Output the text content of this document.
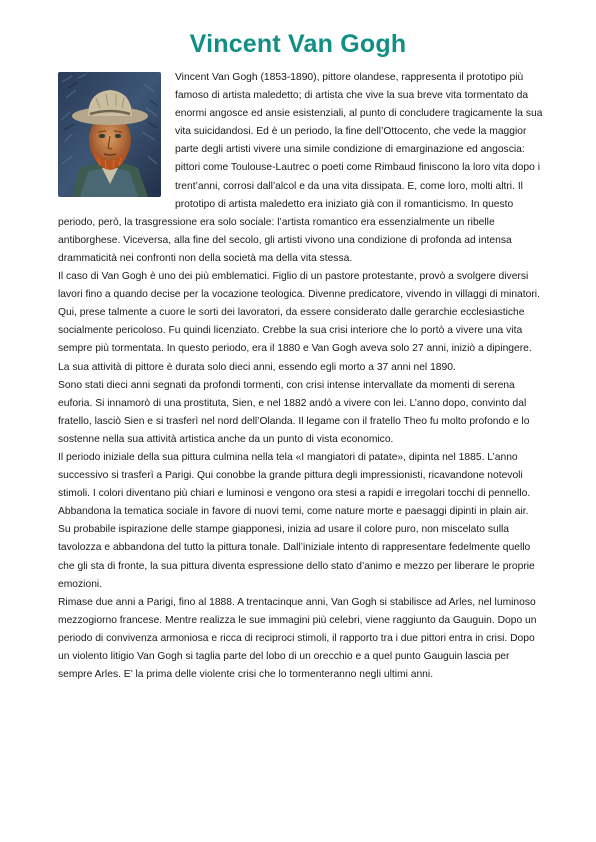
Vincent Van Gogh

Vincent Van Gogh (1853-1890), pittore olandese, rappresenta il prototipo più famoso di artista maledetto; di artista che vive la sua breve vita tormentato da enormi angosce ed ansie esistenziali, al punto di concludere tragicamente la sua vita suicidandosi. Ed è un periodo, la fine dell’Ottocento, che vede la maggior parte degli artisti vivere una simile condizione di emarginazione ed angoscia: pittori come Toulouse-Lautrec o poeti come Rimbaud finiscono la loro vita dopo i trent’anni, corrosi dall’alcol e da una vita dissipata. E, come loro, molti altri. Il prototipo di artista maledetto era iniziato già con il romanticismo. In questo periodo, però, la trasgressione era solo sociale: l’artista romantico era essenzialmente un ribelle antiborghese. Viceversa, alla fine del secolo, gli artisti vivono una condizione di profonda ad intensa drammaticità nei confronti non della società ma della vita stessa.

Il caso di Van Gogh è uno dei più emblematici. Figlio di un pastore protestante, provò a svolgere diversi lavori fino a quando decise per la vocazione teologica. Divenne predicatore, vivendo in villaggi di minatori. Qui, prese talmente a cuore le sorti dei lavoratori, da essere considerato dalle gerarchie ecclesiastiche socialmente pericoloso. Fu quindi licenziato. Crebbe la sua crisi interiore che lo portò a vivere una vita sempre più tormentata. In questo periodo, era il 1880 e Van Gogh aveva solo 27 anni, iniziò a dipingere. La sua attività di pittore è durata solo dieci anni, essendo egli morto a 37 anni nel 1890.

Sono stati dieci anni segnati da profondi tormenti, con crisi intense intervallate da momenti di serena euforia. Si innamorò di una prostituta, Sien, e nel 1882 andò a vivere con lei. L’anno dopo, convinto dal fratello, lasciò Sien e si trasferì nel nord dell’Olanda. Il legame con il fratello Theo fu molto profondo e lo sostenne nella sua attività artistica anche da un punto di vista economico.

Il periodo iniziale della sua pittura culmina nella tela «I mangiatori di patate», dipinta nel 1885. L’anno successivo si trasferì a Parigi. Qui conobbe la grande pittura degli impressionisti, ricavandone notevoli stimoli. I colori diventano più chiari e luminosi e vengono ora stesi a rapidi e irregolari tocchi di pennello. Abbandona la tematica sociale in favore di nuovi temi, come nature morte e paesaggi dipinti in plain air.

Su probabile ispirazione delle stampe giapponesi, inizia ad usare il colore puro, non miscelato sulla tavolozza e abbandona del tutto la pittura tonale. Dall’iniziale intento di rappresentare fedelmente quello che gli sta di fronte, la sua pittura diventa espressione dello stato d’animo e mezzo per liberare le proprie emozioni.

Rimase due anni a Parigi, fino al 1888. A trentacinque anni, Van Gogh si stabilisce ad Arles, nel luminoso mezzogiorno francese. Mentre realizza le sue immagini più celebri, viene raggiunto da Gauguin. Dopo un periodo di convivenza armoniosa e ricca di reciproci stimoli, il rapporto tra i due pittori entra in crisi. Dopo un violento litigio Van Gogh si taglia parte del lobo di un orecchio e a quel punto Gauguin lascia per sempre Arles. E’ la prima delle violente crisi che lo tormenteranno negli ultimi anni.
